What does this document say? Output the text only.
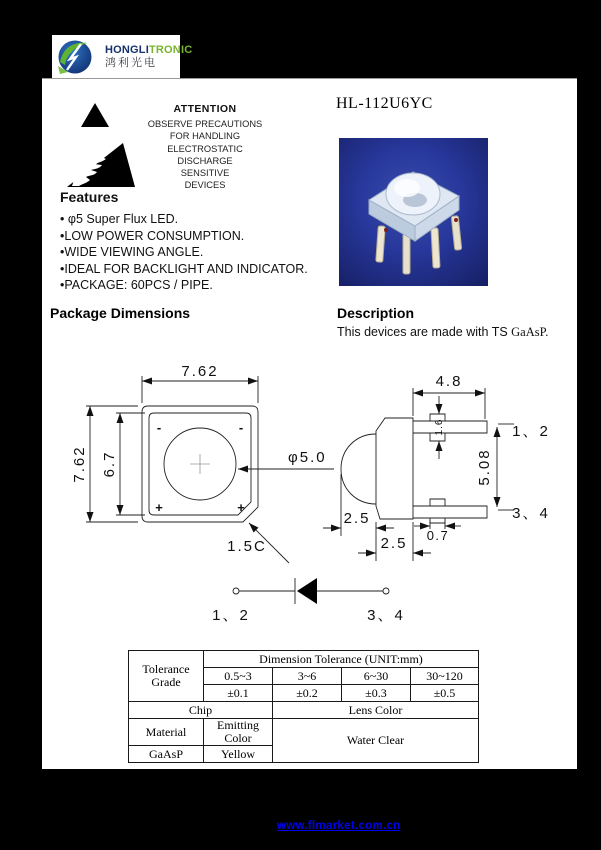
HONGLITRONIC
鸿利光电
ATTENTION
OBSERVE PRECAUTIONS
FOR HANDLING
ELECTROSTATIC
DISCHARGE
SENSITIVE
DEVICES
HL-112U6YC
Features
• φ5 Super Flux LED.
•LOW POWER CONSUMPTION.
•WIDE VIEWING ANGLE.
•IDEAL FOR BACKLIGHT AND INDICATOR.
•PACKAGE: 60PCS / PIPE.
Package Dimensions	Description
This devices are made with TS GaAsP.
-	-
+	+
7.62
7.62 6.7	φ5.0
1.5C
4.8
1.6
5.08
1、2
3、4
2.5
2.5 0.7
1、2	3、4
Tolerance Grade	Dimension Tolerance (UNIT:mm)			
	0.5~3	3~6	6~30	30~120
	±0.1	±0.2	±0.3	±0.5
Chip		Lens Color		
Material	Emitting Color	Water Clear		
GaAsP	Yellow			
www.flmarket.com.cn
